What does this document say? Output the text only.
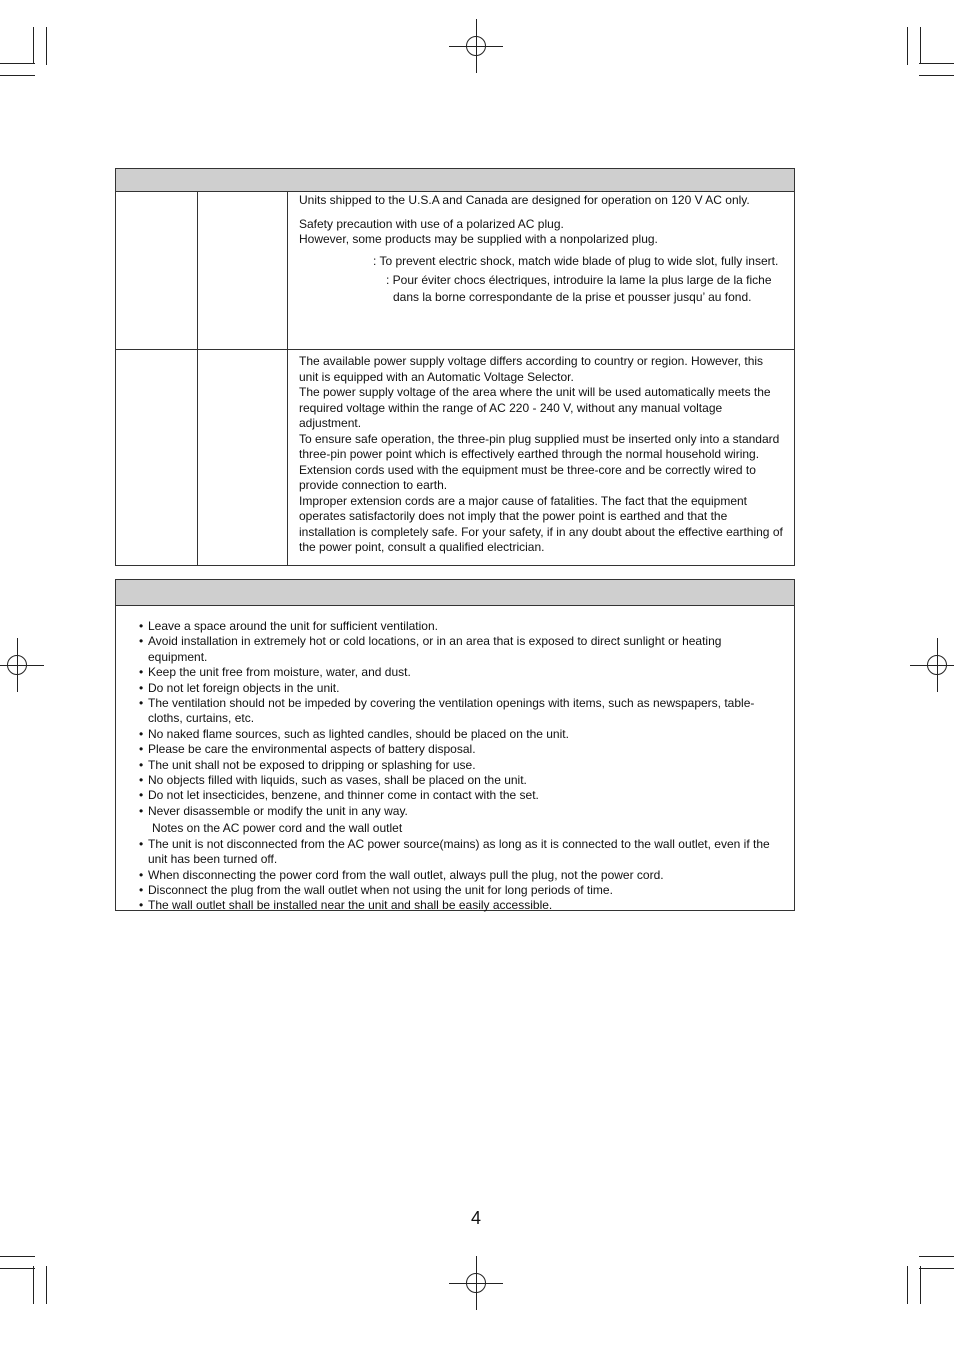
Units shipped to the U.S.A and Canada are designed for operation on 120 V AC only.

Safety precaution with use of a polarized AC plug.

However, some products may be supplied with a nonpolarized plug.

: To prevent electric shock, match wide blade of plug to wide slot, fully insert.

: Pour éviter chocs électriques, introduire la lame la plus large de la fiche dans la borne correspondante de la prise et pousser jusqu’ au fond.

The available power supply voltage differs according to country or region. However, this unit is equipped with an Automatic Voltage Selector.
The power supply voltage of the area where the unit will be used automatically meets the required voltage within the range of AC 220 - 240 V, without any manual voltage adjustment.
To ensure safe operation, the three-pin plug supplied must be inserted only into a standard three-pin power point which is effectively earthed through the normal household wiring. Extension cords used with the equipment must be three-core and be correctly wired to provide connection to earth.
Improper extension cords are a major cause of fatalities. The fact that the equipment operates satisfactorily does not imply that the power point is earthed and that the installation is completely safe. For your safety, if in any doubt about the effective earthing of the power point, consult a qualified electrician.

• Leave a space around the unit for sufficient ventilation.
• Avoid installation in extremely hot or cold locations, or in an area that is exposed to direct sunlight or heating equipment.
• Keep the unit free from moisture, water, and dust.
• Do not let foreign objects in the unit.
• The ventilation should not be impeded by covering the ventilation openings with items, such as newspapers, table-cloths, curtains, etc.
• No naked flame sources, such as lighted candles, should be placed on the unit.
• Please be care the environmental aspects of battery disposal.
• The unit shall not be exposed to dripping or splashing for use.
• No objects filled with liquids, such as vases, shall be placed on the unit.
• Do not let insecticides, benzene, and thinner come in contact with the set.
• Never disassemble or modify the unit in any way.
Notes on the AC power cord and the wall outlet
• The unit is not disconnected from the AC power source(mains) as long as it is connected to the wall outlet, even if the unit has been turned off.
• When disconnecting the power cord from the wall outlet, always pull the plug, not the power cord.
• Disconnect the plug from the wall outlet when not using the unit for long periods of time.
• The wall outlet shall be installed near the unit and shall be easily accessible.
4
